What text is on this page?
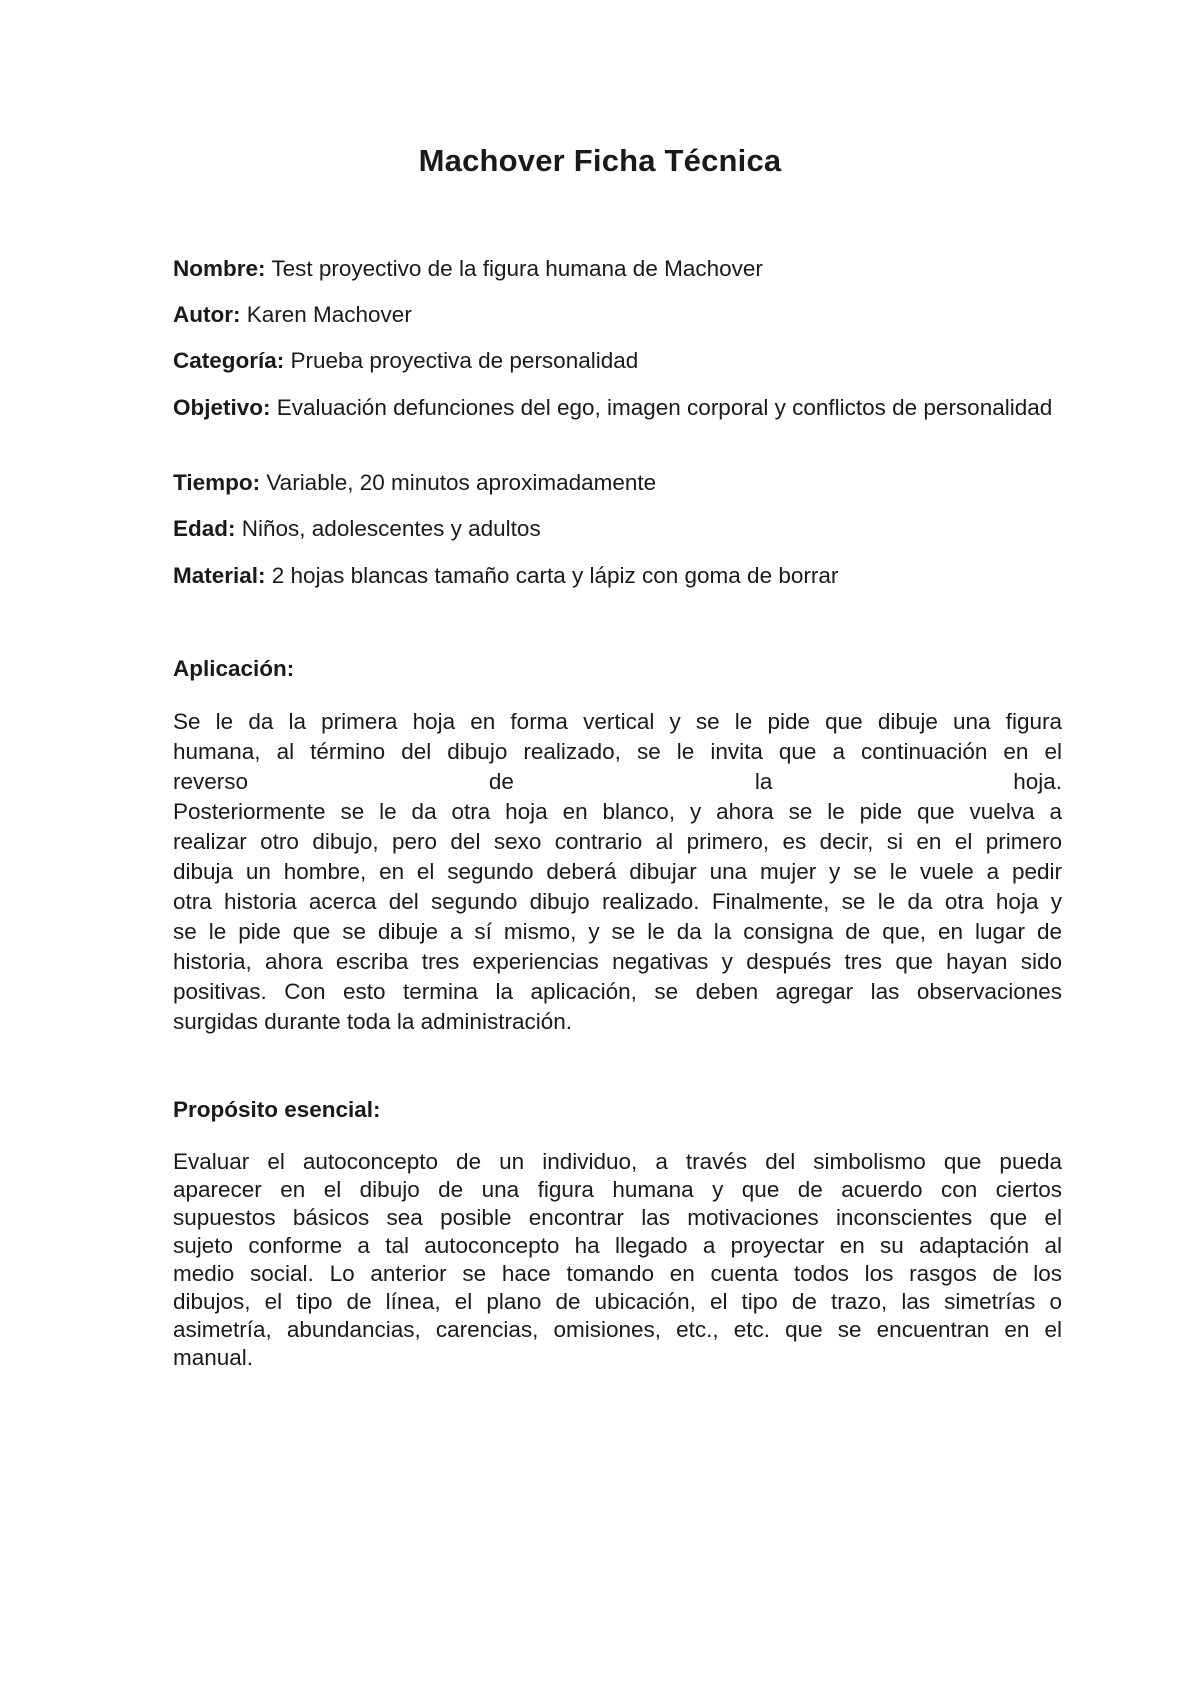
Machover Ficha Técnica

Nombre: Test proyectivo de la figura humana de Machover

Autor: Karen Machover

Categoría: Prueba proyectiva de personalidad

Objetivo: Evaluación defunciones del ego, imagen corporal y conflictos de personalidad

Tiempo: Variable, 20 minutos aproximadamente

Edad: Niños, adolescentes y adultos

Material: 2 hojas blancas tamaño carta y lápiz con goma de borrar

Aplicación:
Se le da la primera hoja en forma vertical y se le pide que dibuje una figura
humana, al término del dibujo realizado, se le invita que a continuación en el
reverso de la hoja.
Posteriormente se le da otra hoja en blanco, y ahora se le pide que vuelva a
realizar otro dibujo, pero del sexo contrario al primero, es decir, si en el primero
dibuja un hombre, en el segundo deberá dibujar una mujer y se le vuele a pedir
otra historia acerca del segundo dibujo realizado. Finalmente, se le da otra hoja y
se le pide que se dibuje a sí mismo, y se le da la consigna de que, en lugar de
historia, ahora escriba tres experiencias negativas y después tres que hayan sido
positivas. Con esto termina la aplicación, se deben agregar las observaciones
surgidas durante toda la administración.
Propósito esencial:
Evaluar el autoconcepto de un individuo, a través del simbolismo que pueda
aparecer en el dibujo de una figura humana y que de acuerdo con ciertos
supuestos básicos sea posible encontrar las motivaciones inconscientes que el
sujeto conforme a tal autoconcepto ha llegado a proyectar en su adaptación al
medio social. Lo anterior se hace tomando en cuenta todos los rasgos de los
dibujos, el tipo de línea, el plano de ubicación, el tipo de trazo, las simetrías o
asimetría, abundancias, carencias, omisiones, etc., etc. que se encuentran en el
manual.
